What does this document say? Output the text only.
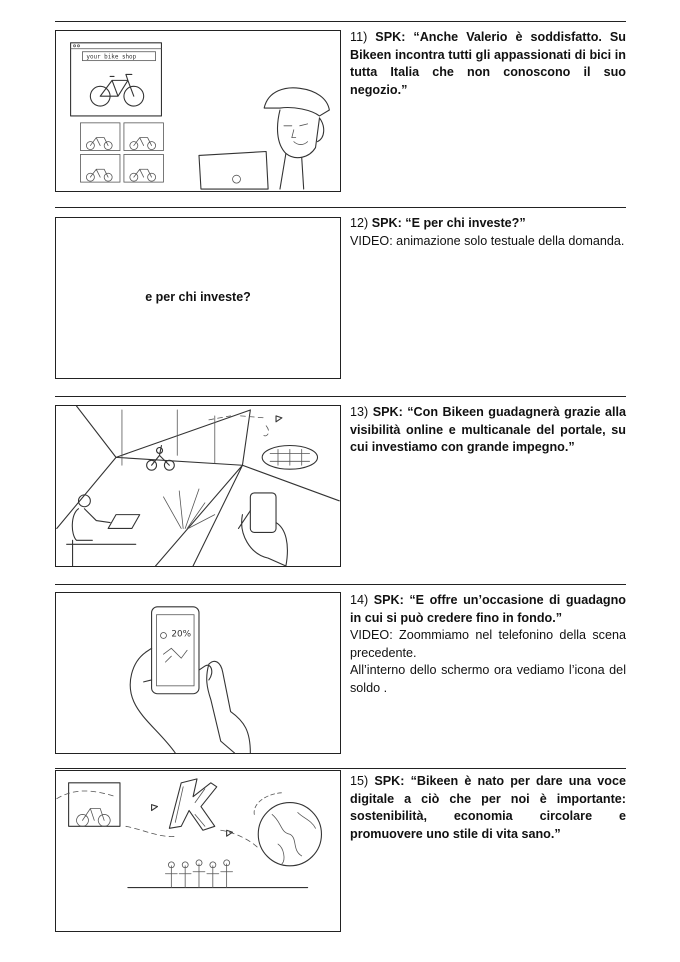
your bike shop

11) SPK: “Anche Valerio è soddisfatto. Su Bikeen incontra tutti gli appassionati di bici in tutta Italia che non conoscono il suo negozio.”

e per chi investe?

12) SPK: “E per chi investe?”

VIDEO: animazione solo testuale della domanda.

13) SPK: “Con Bikeen guadagnerà grazie alla visibilità online e multicanale del portale, su cui investiamo con grande impegno.”

20%

14) SPK: “E offre un’occasione di guadagno in cui si può credere fino in fondo.”

VIDEO: Zoommiamo nel telefonino della scena precedente.

All’interno dello schermo ora vediamo l’icona del soldo .

15) SPK: “Bikeen è nato per dare una voce digitale a ciò che per noi è importante: sostenibilità, economia circolare e promuovere uno stile di vita sano.”
